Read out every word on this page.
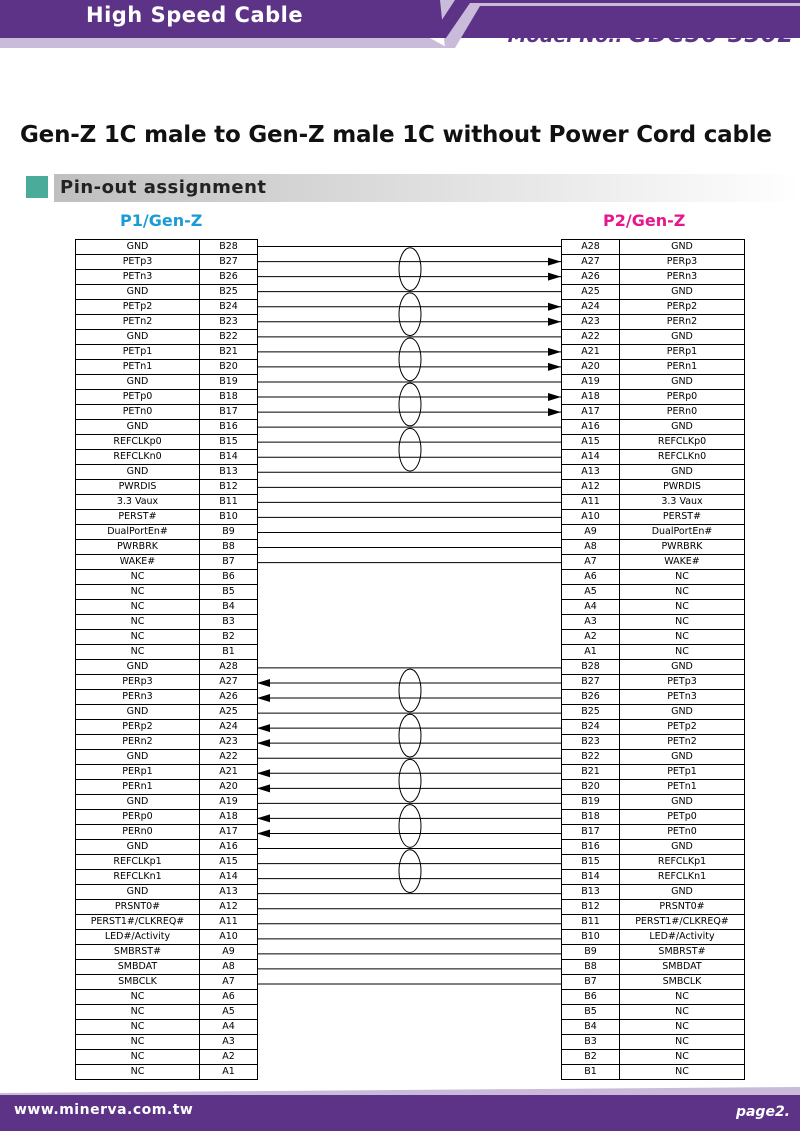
High Speed Cable
Model No.: GDC56-3302
Gen-Z 1C male to Gen-Z male 1C without Power Cord cable
Pin-out assignment
P1/Gen-Z	P2/Gen-Z
GND	B28
PETp3	B27
PETn3	B26
GND	B25
PETp2	B24
PETn2	B23
GND	B22
PETp1	B21
PETn1	B20
GND	B19
PETp0	B18
PETn0	B17
GND	B16
REFCLKp0	B15
REFCLKn0	B14
GND	B13
PWRDIS	B12
3.3 Vaux	B11
PERST#	B10
DualPortEn#	B9
PWRBRK	B8
WAKE#	B7
NC	B6
NC	B5
NC	B4
NC	B3
NC	B2
NC	B1
GND	A28
PERp3	A27
PERn3	A26
GND	A25
PERp2	A24
PERn2	A23
GND	A22
PERp1	A21
PERn1	A20
GND	A19
PERp0	A18
PERn0	A17
GND	A16
REFCLKp1	A15
REFCLKn1	A14
GND	A13
PRSNT0#	A12
PERST1#/CLKREQ#	A11
LED#/Activity	A10
SMBRST#	A9
SMBDAT	A8
SMBCLK	A7
NC	A6
NC	A5
NC	A4
NC	A3
NC	A2
NC	A1
A28	GND
A27	PERp3
A26	PERn3
A25	GND
A24	PERp2
A23	PERn2
A22	GND
A21	PERp1
A20	PERn1
A19	GND
A18	PERp0
A17	PERn0
A16	GND
A15	REFCLKp0
A14	REFCLKn0
A13	GND
A12	PWRDIS
A11	3.3 Vaux
A10	PERST#
A9	DualPortEn#
A8	PWRBRK
A7	WAKE#
A6	NC
A5	NC
A4	NC
A3	NC
A2	NC
A1	NC
B28	GND
B27	PETp3
B26	PETn3
B25	GND
B24	PETp2
B23	PETn2
B22	GND
B21	PETp1
B20	PETn1
B19	GND
B18	PETp0
B17	PETn0
B16	GND
B15	REFCLKp1
B14	REFCLKn1
B13	GND
B12	PRSNT0#
B11	PERST1#/CLKREQ#
B10	LED#/Activity
B9	SMBRST#
B8	SMBDAT
B7	SMBCLK
B6	NC
B5	NC
B4	NC
B3	NC
B2	NC
B1	NC
www.minerva.com.tw	page2.
